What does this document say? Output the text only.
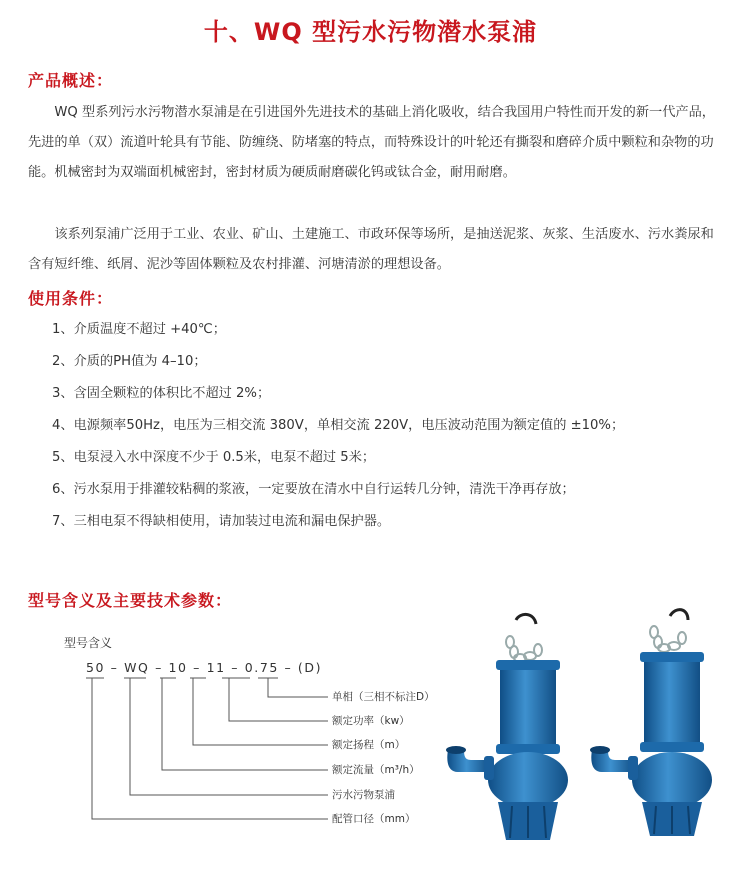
十、WQ 型污水污物潜水泵浦
产品概述：

WQ 型系列污水污物潜水泵浦是在引进国外先进技术的基础上消化吸收，结合我国用户特性而开发的新一代产品，先进的单（双）流道叶轮具有节能、防缠绕、防堵塞的特点，而特殊设计的叶轮还有撕裂和磨碎介质中颗粒和杂物的功能。机械密封为双端面机械密封，密封材质为硬质耐磨碳化钨或钛合金，耐用耐磨。

该系列泵浦广泛用于工业、农业、矿山、土建施工、市政环保等场所，是抽送泥浆、灰浆、生活废水、污水粪尿和含有短纤维、纸屑、泥沙等固体颗粒及农村排灌、河塘清淤的理想设备。

使用条件：
1、介质温度不超过 +40℃；
2、介质的PH值为 4–10；
3、含固全颗粒的体积比不超过 2%；
4、电源频率50Hz，电压为三相交流 380V，单相交流 220V，电压波动范围为额定值的 ±10%；
5、电泵浸入水中深度不少于 0.5米，电泵不超过 5米；
6、污水泵用于排灌较粘稠的浆液，一定要放在清水中自行运转几分钟，清洗干净再存放；
7、三相电泵不得缺相使用，请加装过电流和漏电保护器。
型号含义及主要技术参数：
型号含义
50 – WQ – 10 – 11 – 0.75 – (D)
单相（三相不标注D）
额定功率（kw）
额定扬程（m）
额定流量（m³/h）
污水污物泵浦
配管口径（mm）
